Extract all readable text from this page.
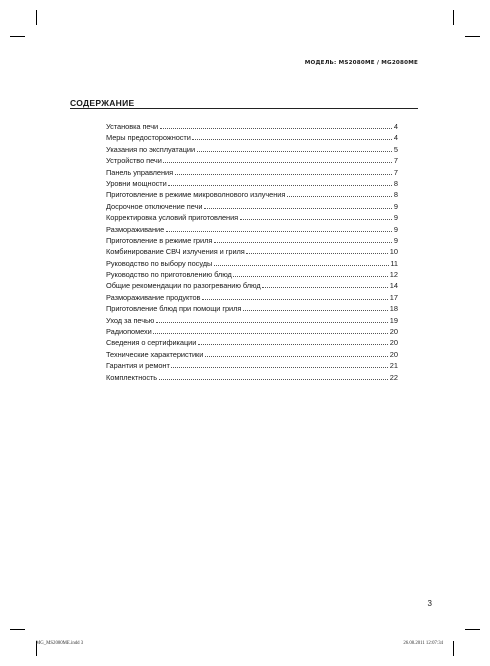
МОДЕЛЬ: MS2080ME / MG2080ME
СОДЕРЖАНИЕ
Установка печи	4
Меры предосторожности	4
Указания по эксплуатации	5
Устройство печи	7
Панель управления	7
Уровни мощности	8
Приготовление в режиме микроволнового излучения	8
Досрочное отключение печи	9
Корректировка условий приготовления	9
Размораживание	9
Приготовление в режиме гриля	9
Комбинирование СВЧ излучения и гриля	10
Руководство по выбору посуды	11
Руководство по приготовлению блюд	12
Общие рекомендации по разогреванию блюд	14
Размораживание продуктов	17
Приготовление блюд при помощи гриля	18
Уход за печью	19
Радиопомехи	20
Сведения о сертификации	20
Технические характеристики	20
Гарантия и ремонт	21
Комплектность	22
3
MG_MS2080ME.indd 3	26.08.2011 12:07:34
